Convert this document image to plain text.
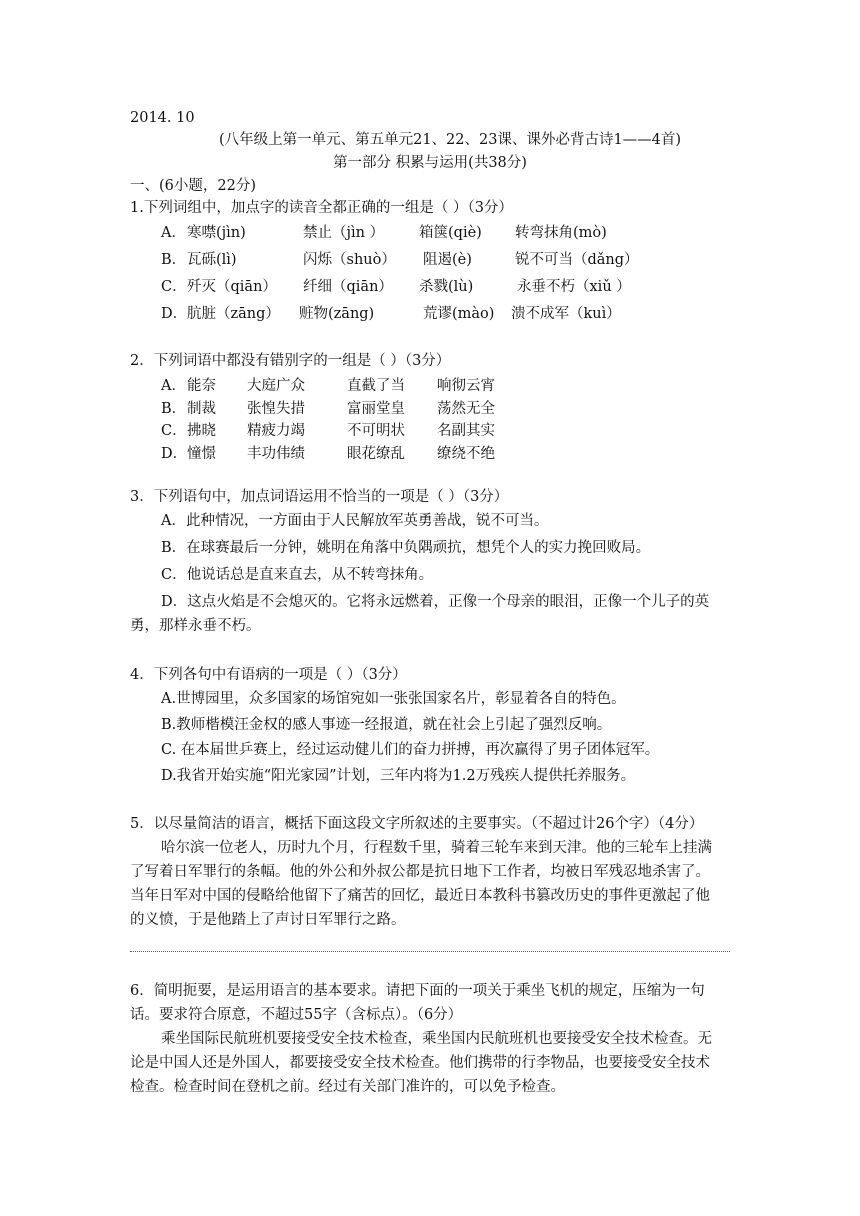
2014. 10
(八年级上第一单元、第五单元21、22、23课、课外必背古诗1——4首)
第一部分 积累与运用(共38分)
一、(6小题，22分)
1.下列词组中，加点字的读音全都正确的一组是（ ）（3分）
A． 寒噤(jìn)	禁止（jìn ） 箱箧(qiè) 转弯抹角(mò)
B． 瓦砾(lì)	闪烁（shuò） 阻遏(è)	锐不可当（dǎng）
C． 歼灭（qiān） 纤细（qiān） 杀戮(lù)	永垂不朽（xiǔ ）
D． 肮脏（zāng） 赃物(zāng)	荒谬(mào) 溃不成军（kuì）
2．下列词语中都没有错别字的一组是（ ）（3分）
A． 能奈 大庭广众	直截了当 响彻云宵
B． 制裁 张惶失措	富丽堂皇 荡然无全
C． 拂晓 精疲力竭	不可明状 名副其实
D． 憧憬 丰功伟绩	眼花缭乱 缭绕不绝
3．下列语句中，加点词语运用不恰当的一项是（ ）（3分）
A．此种情况，一方面由于人民解放军英勇善战，锐不可当。
B．在球赛最后一分钟，姚明在角落中负隅顽抗，想凭个人的实力挽回败局。
C．他说话总是直来直去，从不转弯抹角。
D．这点火焰是不会熄灭的。它将永远燃着，正像一个母亲的眼泪，正像一个儿子的英
勇，那样永垂不朽。
4．下列各句中有语病的一项是（ ）（3分）
A.世博园里，众多国家的场馆宛如一张张国家名片，彰显着各自的特色。
B.教师楷模汪金权的感人事迹一经报道，就在社会上引起了强烈反响。
C. 在本届世乒赛上，经过运动健儿们的奋力拼搏，再次赢得了男子团体冠军。
D.我省开始实施“阳光家园”计划，三年内将为1.2万残疾人提供托养服务。
5．以尽量简洁的语言，概括下面这段文字所叙述的主要事实。（不超过计26个字）（4分）
哈尔滨一位老人，历时九个月，行程数千里，骑着三轮车来到天津。他的三轮车上挂满
了写着日军罪行的条幅。他的外公和外叔公都是抗日地下工作者，均被日军残忍地杀害了。
当年日军对中国的侵略给他留下了痛苦的回忆，最近日本教科书篡改历史的事件更激起了他
的义愤，于是他踏上了声讨日军罪行之路。
6．简明扼要，是运用语言的基本要求。请把下面的一项关于乘坐飞机的规定，压缩为一句
话。要求符合原意，不超过55字（含标点）。（6分）
乘坐国际民航班机要接受安全技术检查，乘坐国内民航班机也要接受安全技术检查。无
论是中国人还是外国人，都要接受安全技术检查。他们携带的行李物品，也要接受安全技术
检查。检查时间在登机之前。经过有关部门准许的，可以免予检查。
